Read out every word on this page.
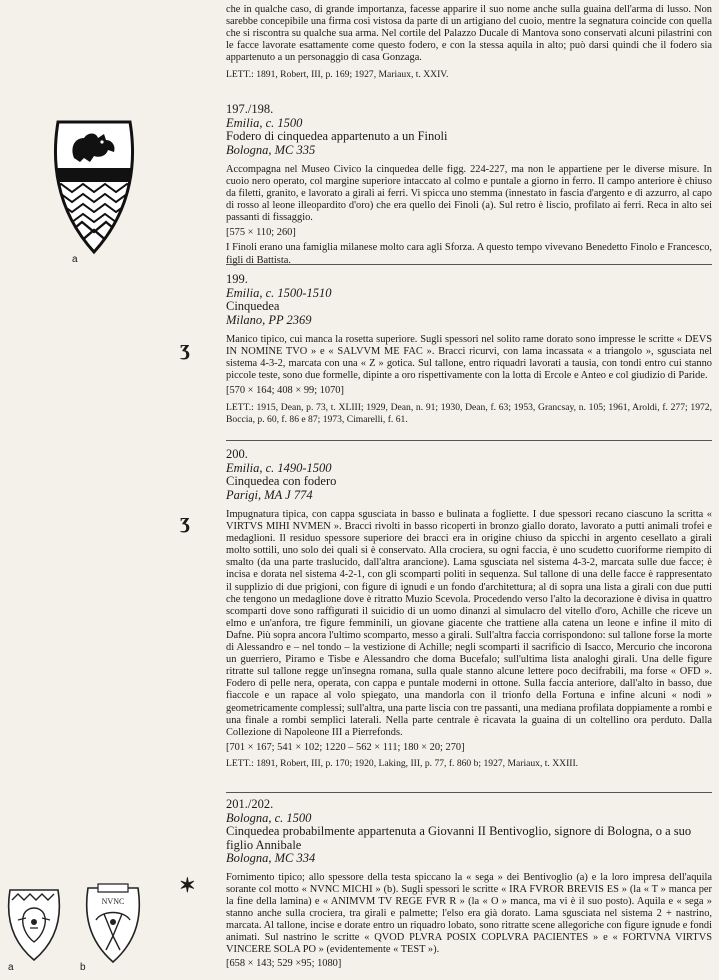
a
NVNC
a	b

che in qualche caso, di grande importanza, facesse apparire il suo nome anche sulla guaina dell'arma di lusso. Non sarebbe concepibile una firma così vistosa da parte di un artigiano del cuoio, mentre la segnatura coincide con quella che si riscontra su qualche sua arma. Nel cortile del Palazzo Ducale di Mantova sono conservati alcuni pilastrini con le facce lavorate esattamente come questo fodero, e con la stessa aquila in alto; può darsi quindi che il fodero sia appartenuto a un personaggio di casa Gonzaga.

LETT.: 1891, Robert, III, p. 169; 1927, Mariaux, t. XXIV.

197./198.

Emilia, c. 1500

Fodero di cinquedea appartenuto a un Finoli

Bologna, MC 335

Accompagna nel Museo Civico la cinquedea delle figg. 224-227, ma non le appartiene per le diverse misure. In cuoio nero operato, col margine superiore intaccato al colmo e puntale a giorno in ferro. Il campo anteriore è chiuso da filetti, granito, e lavorato a girali ai ferri. Vi spicca uno stemma (innestato in fascia d'argento e di azzurro, al capo di rosso al leone illeopardito d'oro) che era quello dei Finoli (a). Sul retro è liscio, profilato ai ferri. Reca in alto sei passanti di fissaggio.

[575 × 110; 260]

I Finoli erano una famiglia milanese molto cara agli Sforza. A questo tempo vivevano Benedetto Finolo e Francesco, figli di Battista.

199.

Emilia, c. 1500-1510

Cinquedea

Milano, PP 2369

Manico tipico, cui manca la rosetta superiore. Sugli spessori nel solito rame dorato sono impresse le scritte « DEVS IN NOMINE TVO » e « SALVVM ME FAC ». Bracci ricurvi, con lama incassata « a triangolo », sgusciata nel sistema 4-3-2, marcata con una « Z » gotica. Sul tallone, entro riquadri lavorati a tausia, con tondi entro cui stanno piccole teste, sono due formelle, dipinte a oro rispettivamente con la lotta di Ercole e Anteo e col giudizio di Paride.

[570 × 164; 408 × 99; 1070]

LETT.: 1915, Dean, p. 73, t. XLIII; 1929, Dean, n. 91; 1930, Dean, f. 63; 1953, Grancsay, n. 105; 1961, Aroldi, f. 277; 1972, Boccia, p. 60, f. 86 e 87; 1973, Cimarelli, f. 61.

ʒ

200.

Emilia, c. 1490-1500

Cinquedea con fodero

Parigi, MA J 774

Impugnatura tipica, con cappa sgusciata in basso e bulinata a fogliette. I due spessori recano ciascuno la scritta « VIRTVS MIHI NVMEN ». Bracci rivolti in basso ricoperti in bronzo giallo dorato, lavorato a putti animali trofei e medaglioni. Il residuo spessore superiore dei bracci era in origine chiuso da spicchi in argento cesellato a girali molto sottili, uno solo dei quali si è conservato. Alla crociera, su ogni faccia, è uno scudetto cuoriforme riempito di smalto (da una parte traslucido, dall'altra arancione). Lama sgusciata nel sistema 4-3-2, marcata sulle due facce; è incisa e dorata nel sistema 4-2-1, con gli scomparti politi in sequenza. Sul tallone di una delle facce è rappresentato il supplizio di due prigioni, con figure di ignudi e un fondo d'architettura; al di sopra una lista a girali con due putti che tengono un medaglione dove è ritratto Muzio Scevola. Procedendo verso l'alto la decorazione è divisa in quattro scomparti dove sono raffigurati il suicidio di un uomo dinanzi al simulacro del vitello d'oro, Achille che riceve un elmo e un'anfora, tre figure femminili, un giovane giacente che trattiene alla catena un leone e infine il mito di Dafne. Più sopra ancora l'ultimo scomparto, messo a girali. Sull'altra faccia corrispondono: sul tallone forse la morte di Alessandro e – nel tondo – la vestizione di Achille; negli scomparti il sacrificio di Isacco, Mercurio che incorona un guerriero, Piramo e Tisbe e Alessandro che doma Bucefalo; sull'ultima lista analoghi girali. Una delle figure ritratte sul tallone regge un'insegna romana, sulla quale stanno alcune lettere poco decifrabili, ma forse « OFD ». Fodero di pelle nera, operata, con cappa e puntale moderni in ottone. Sulla faccia anteriore, dall'alto in basso, due fiaccole e un rapace al volo spiegato, una mandorla con il trionfo della Fortuna e infine alcuni « nodi » geometricamente complessi; sull'altra, una parte liscia con tre passanti, una mediana profilata doppiamente a rombi e una finale a rombi semplici laterali. Nella parte centrale è ricavata la guaina di un coltellino ora perduto. Dalla Collezione di Napoleone III a Pierrefonds.

[701 × 167; 541 × 102; 1220 – 562 × 111; 180 × 20; 270]

LETT.: 1891, Robert, III, p. 170; 1920, Laking, III, p. 77, f. 860 b; 1927, Mariaux, t. XXIII.

ʒ

201./202.

Bologna, c. 1500

Cinquedea probabilmente appartenuta a Giovanni II Bentivoglio, signore di Bologna, o a suo figlio Annibale

Bologna, MC 334

Fornimento tipico; allo spessore della testa spiccano la « sega » dei Bentivoglio (a) e la loro impresa dell'aquila sorante col motto « NVNC MICHI » (b). Sugli spessori le scritte « IRA FVROR BREVIS ES » (la « T » manca per la fine della lamina) e « ANIMVM TV REGE FVR R » (la « O » manca, ma vi è il suo posto). Aquila e « sega » stanno anche sulla crociera, tra girali e palmette; l'elso era già dorato. Lama sgusciata nel sistema 2 + nastrino, marcata. Al tallone, incise e dorate entro un riquadro lobato, sono ritratte scene allegoriche con figure ignude e fondi animati. Sul nastrino le scritte « QVOD PLVRA POSIX COPLVRA PACIENTES » e « FORTVNA VIRTVS VINCERE SOLA PO » (evidentemente « TEST »).

[658 × 143; 529 ×95; 1080]

✶
